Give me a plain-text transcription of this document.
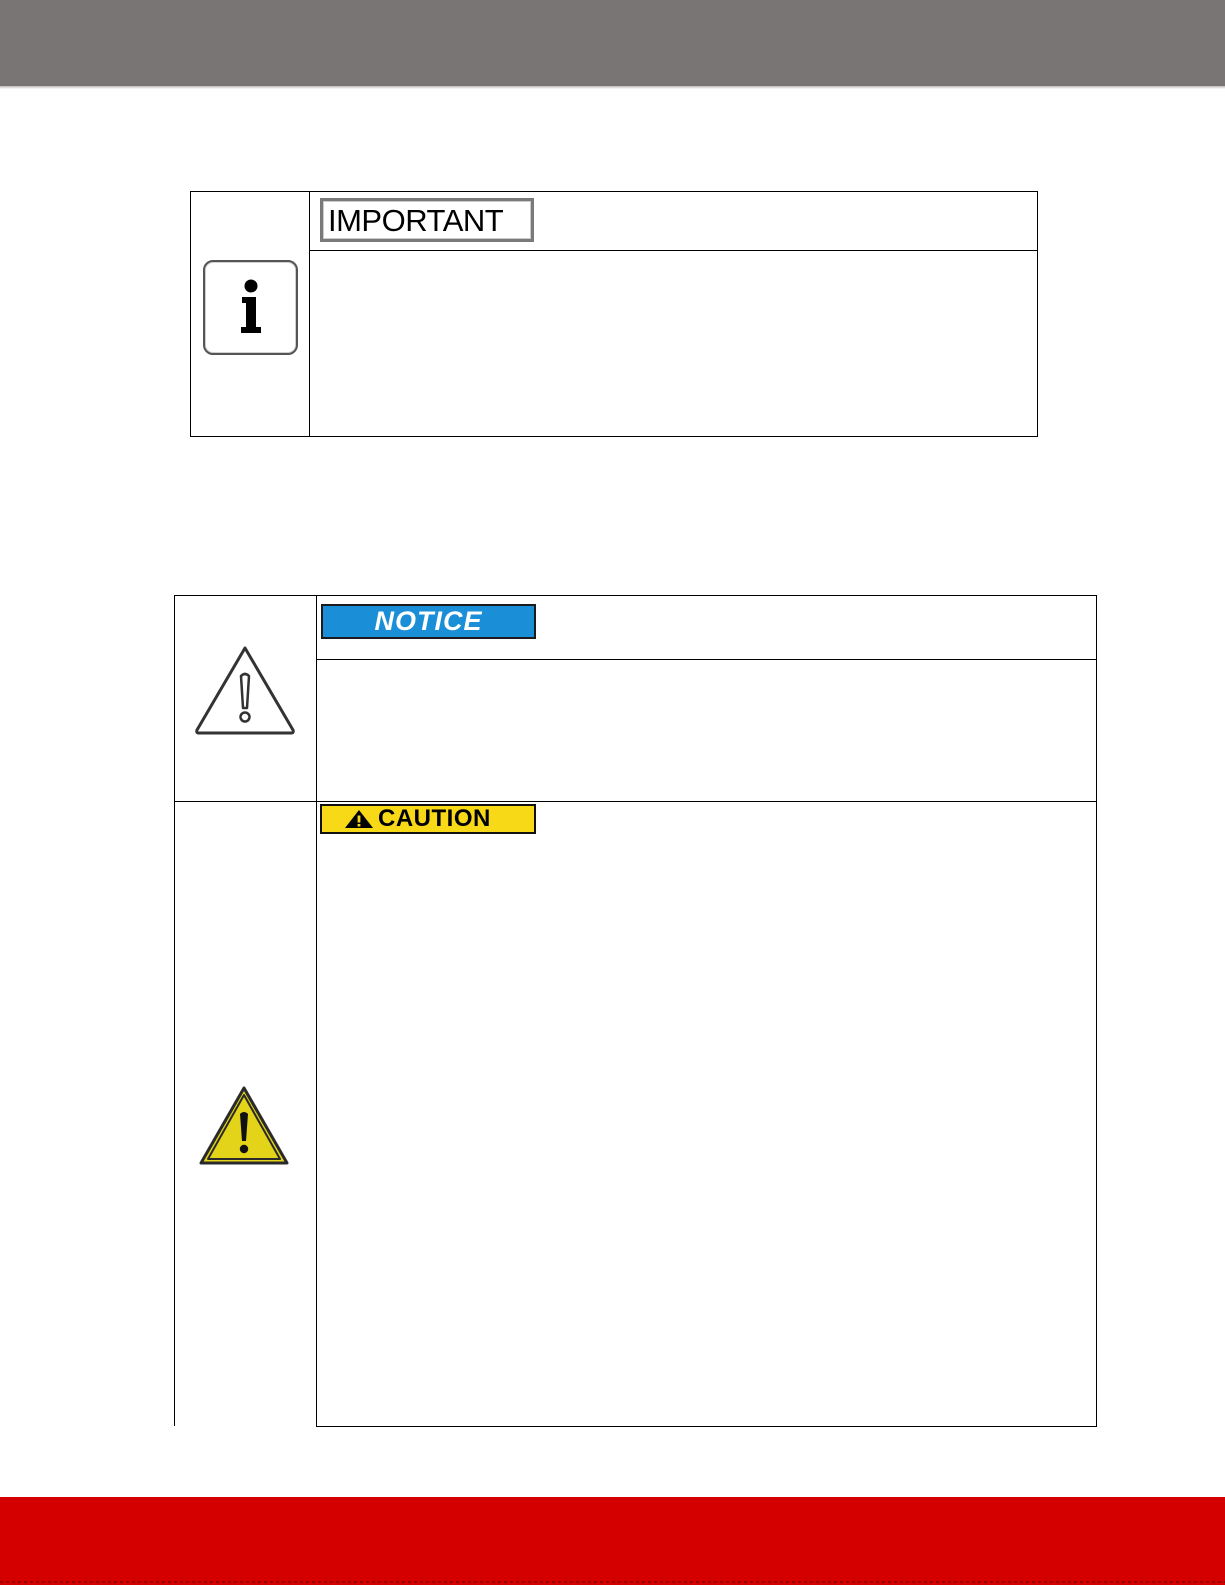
IMPORTANT
NOTICE
CAUTION
